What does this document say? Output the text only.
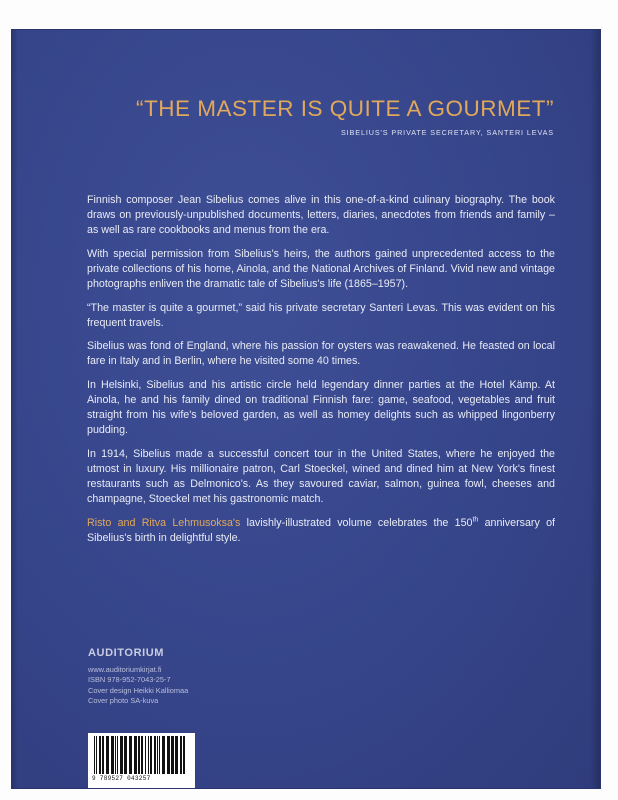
“THE MASTER IS QUITE A GOURMET”
SIBELIUS'S PRIVATE SECRETARY, SANTERI LEVAS

Finnish composer Jean Sibelius comes alive in this one-of-a-kind culinary biography. The book draws on previously-unpublished documents, letters, diaries, anecdotes from friends and family – as well as rare cookbooks and menus from the era.

With special permission from Sibelius's heirs, the authors gained unprecedented access to the private collections of his home, Ainola, and the National Archives of Finland. Vivid new and vintage photographs enliven the dramatic tale of Sibelius's life (1865–1957).

“The master is quite a gourmet,” said his private secretary Santeri Levas. This was evident on his frequent travels.

Sibelius was fond of England, where his passion for oysters was reawakened. He feasted on local fare in Italy and in Berlin, where he visited some 40 times.

In Helsinki, Sibelius and his artistic circle held legendary dinner parties at the Hotel Kämp. At Ainola, he and his family dined on traditional Finnish fare: game, seafood, vegetables and fruit straight from his wife's beloved garden, as well as homey delights such as whipped lingonberry pudding.

In 1914, Sibelius made a successful concert tour in the United States, where he enjoyed the utmost in luxury. His millionaire patron, Carl Stoeckel, wined and dined him at New York's finest restaurants such as Delmonico's. As they savoured caviar, salmon, guinea fowl, cheeses and champagne, Stoeckel met his gastronomic match.

Risto and Ritva Lehmusoksa's lavishly-illustrated volume celebrates the 150th anniversary of Sibelius's birth in delightful style.

AUDITORIUM
www.auditoriumkirjat.fi
ISBN 978-952-7043-25-7
Cover design Heikki Kalliomaa
Cover photo SA-kuva
9 789527 043257
